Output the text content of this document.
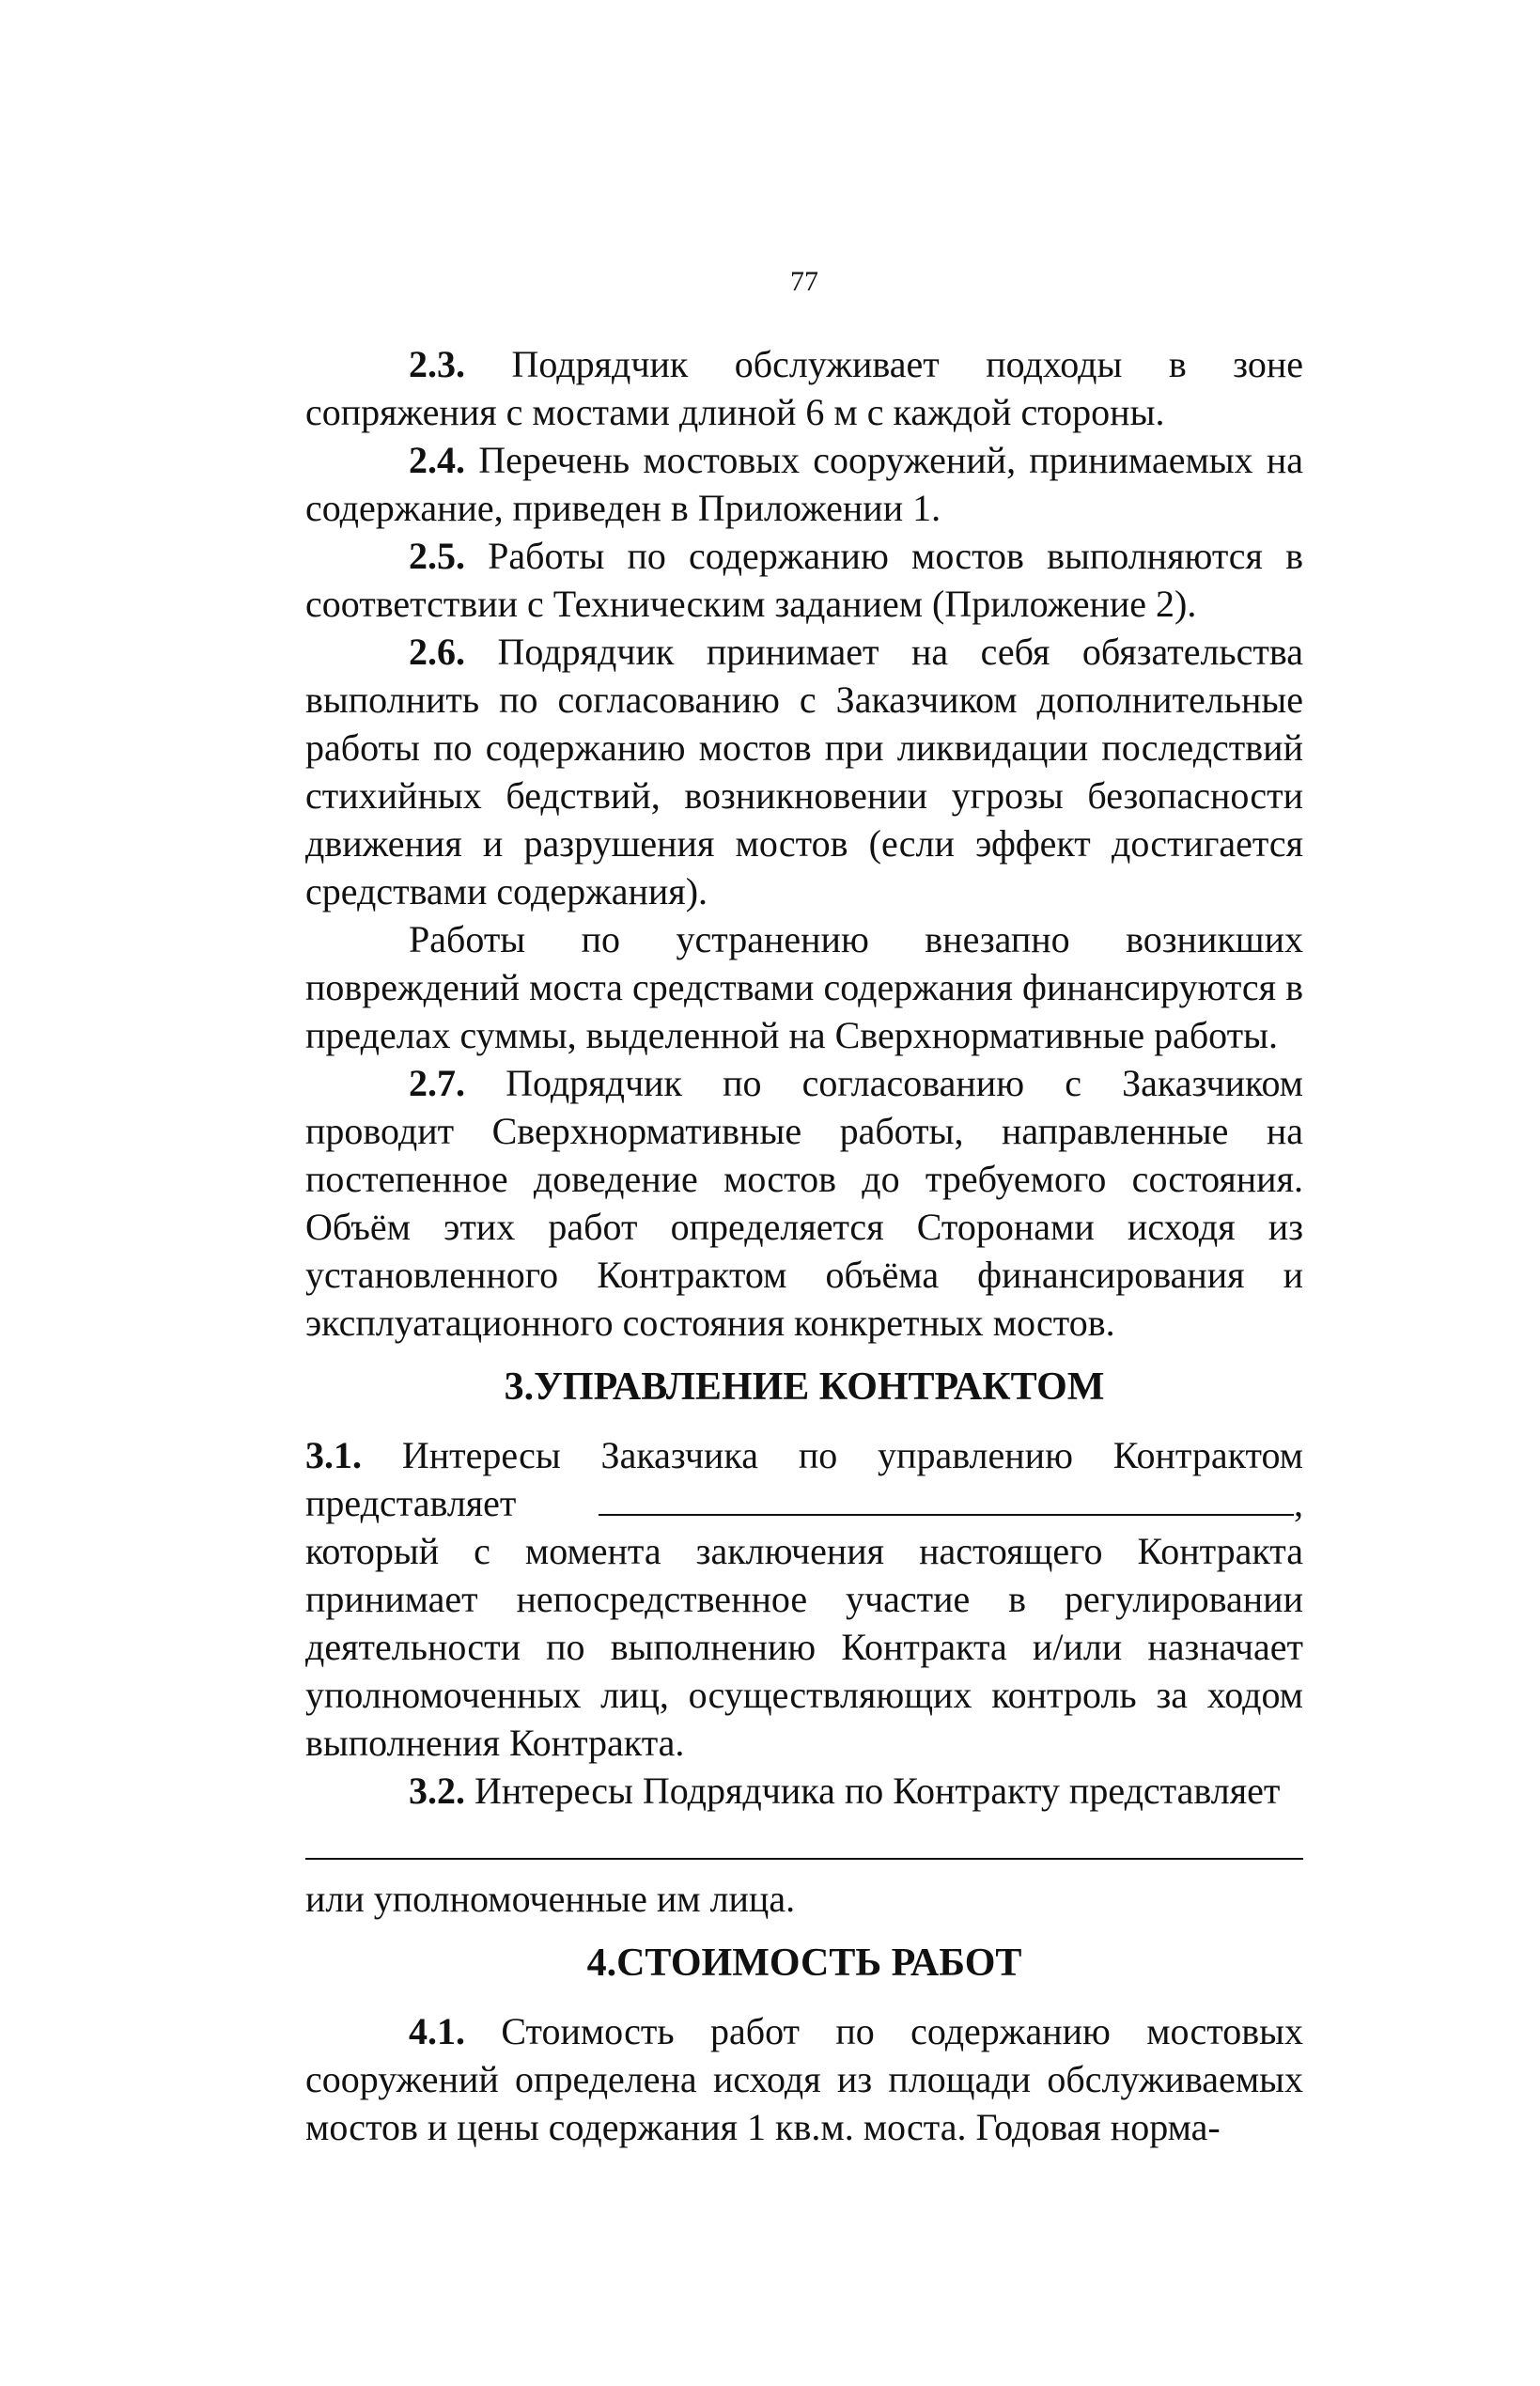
77

2.3. Подрядчик обслуживает подходы в зоне сопряжения с мостами длиной 6 м с каждой стороны.

2.4. Перечень мостовых сооружений, принимаемых на содержание, приведен в Приложении 1.

2.5. Работы по содержанию мостов выполняются в соответствии с Техническим заданием (Приложение 2).

2.6. Подрядчик принимает на себя обязательства выполнить по согласованию с Заказчиком дополнительные работы по содержанию мостов при ликвидации последствий стихийных бедствий, возникновении угрозы безопасности движения и разрушения мостов (если эффект достигается средствами содержания).

Работы по устранению внезапно возникших повреждений моста средствами содержания финансируются в пределах суммы, выделенной на Сверхнормативные работы.

2.7. Подрядчик по согласованию с Заказчиком проводит Сверхнормативные работы, направленные на постепенное доведение мостов до требуемого состояния. Объём этих работ определяется Сторонами исходя из установленного Контрактом объёма финансирования и эксплуатационного состояния конкретных мостов.

3.УПРАВЛЕНИЕ КОНТРАКТОМ

3.1. Интересы Заказчика по управлению Контрактом представляет	, который с момента заключения настоящего Контракта принимает непосредственное участие в регулировании деятельности по выполнению Контракта и/или назначает уполномоченных лиц, осуществляющих контроль за ходом выполнения Контракта.

3.2. Интересы Подрядчика по Контракту представляет

или уполномоченные им лица.

4.СТОИМОСТЬ РАБОТ

4.1. Стоимость работ по содержанию мостовых сооружений определена исходя из площади обслуживаемых мостов и цены содержания 1 кв.м. моста. Годовая норма-
